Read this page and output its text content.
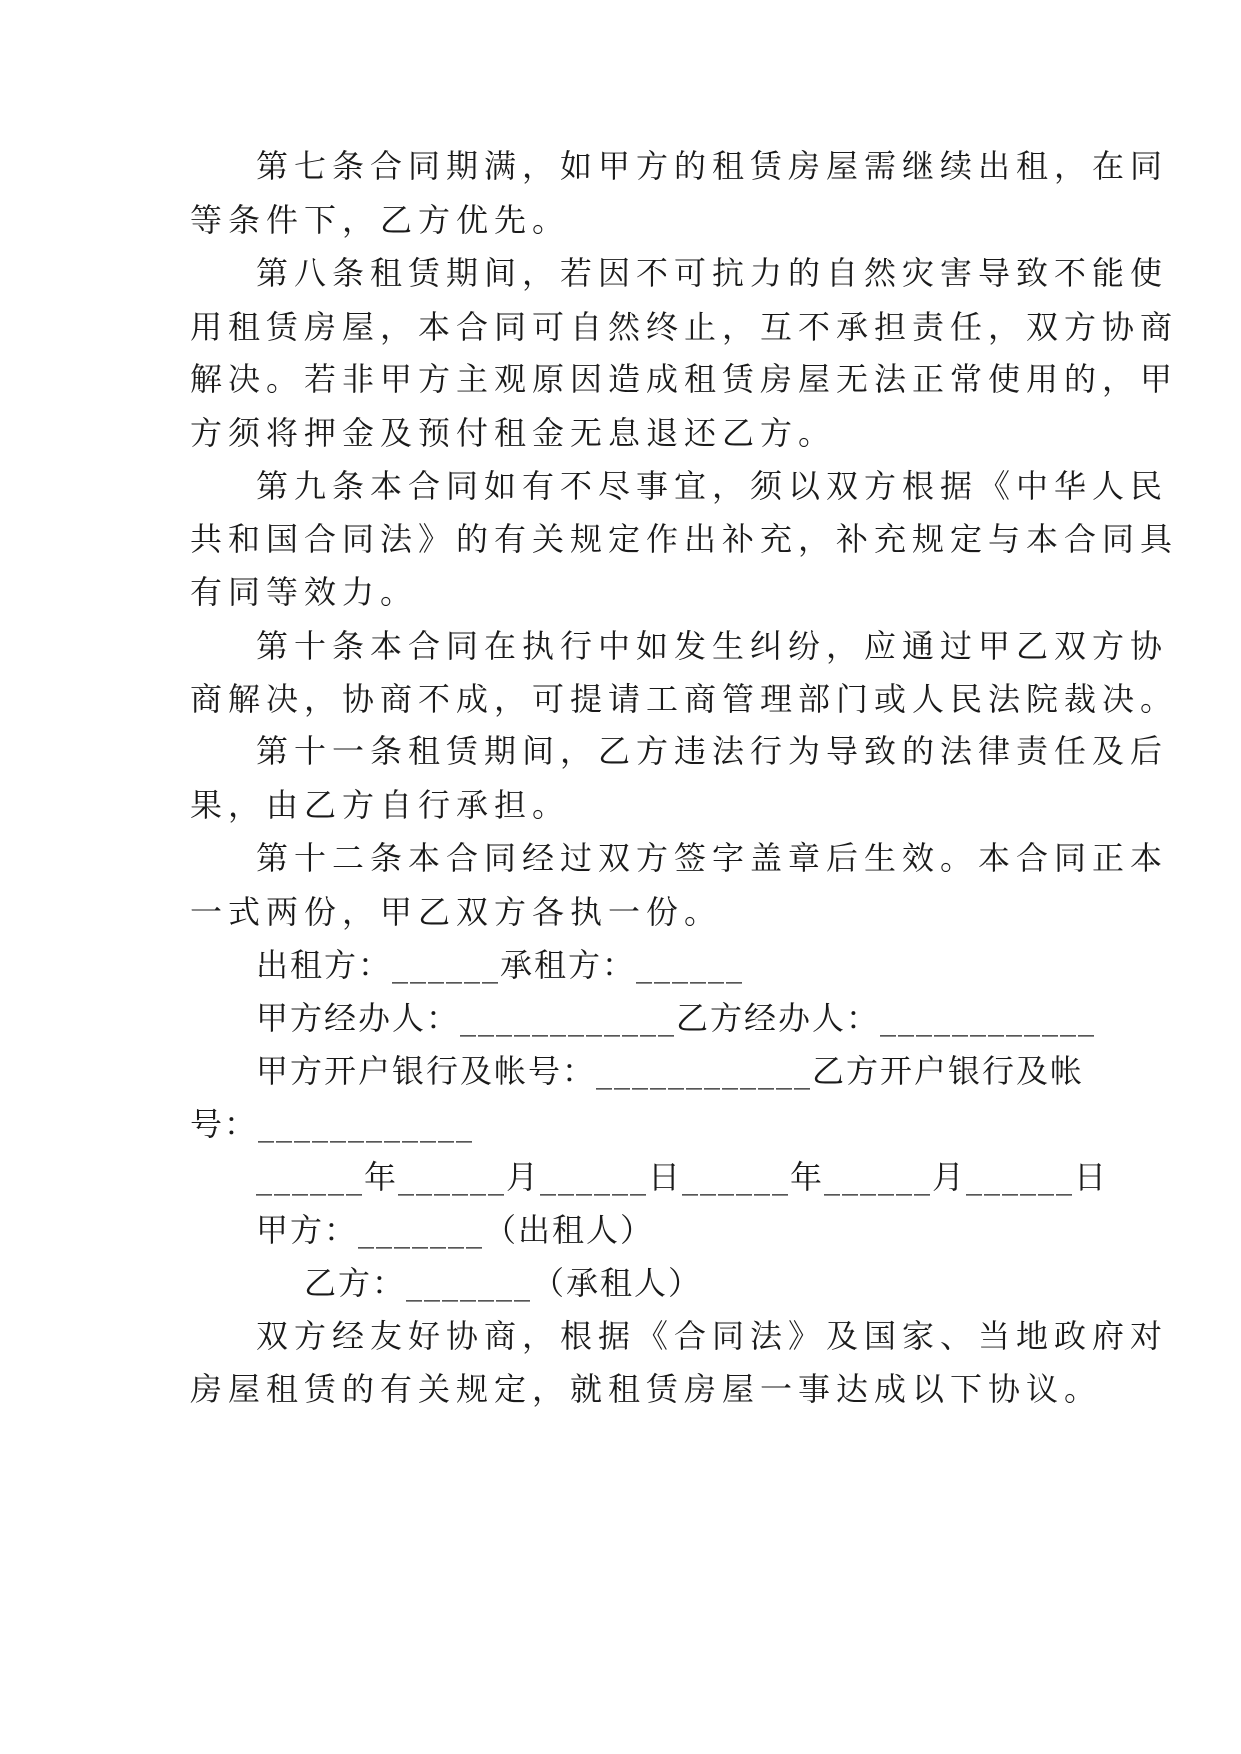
第七条合同期满，如甲方的租赁房屋需继续出租，在同
等条件下，乙方优先。
第八条租赁期间，若因不可抗力的自然灾害导致不能使
用租赁房屋，本合同可自然终止，互不承担责任，双方协商
解决。若非甲方主观原因造成租赁房屋无法正常使用的，甲
方须将押金及预付租金无息退还乙方。
第九条本合同如有不尽事宜，须以双方根据《中华人民
共和国合同法》的有关规定作出补充，补充规定与本合同具
有同等效力。
第十条本合同在执行中如发生纠纷，应通过甲乙双方协
商解决，协商不成，可提请工商管理部门或人民法院裁决。
第十一条租赁期间，乙方违法行为导致的法律责任及后
果，由乙方自行承担。
第十二条本合同经过双方签字盖章后生效。本合同正本
一式两份，甲乙双方各执一份。
出租方：______承租方：______
甲方经办人：____________乙方经办人：____________
甲方开户银行及帐号：____________乙方开户银行及帐
号：____________
______年______月______日______年______月______日
甲方：_______（出租人）
乙方：_______（承租人）
双方经友好协商，根据《合同法》及国家、当地政府对
房屋租赁的有关规定，就租赁房屋一事达成以下协议。
